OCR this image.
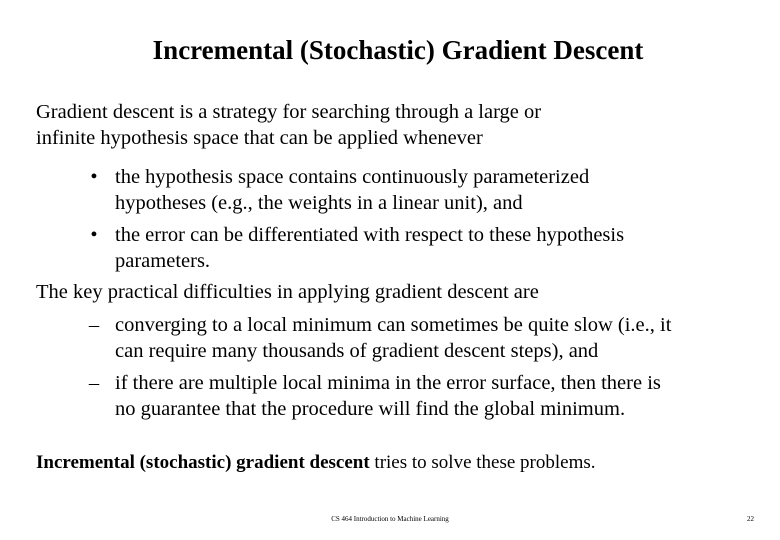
Incremental (Stochastic) Gradient Descent
Gradient descent is a strategy for searching through a large or
infinite hypothesis space that can be applied whenever
• the hypothesis space contains continuously parameterized
hypotheses (e.g., the weights in a linear unit), and
• the error can be differentiated with respect to these hypothesis
parameters.
The key practical difficulties in applying gradient descent are
– converging to a local minimum can sometimes be quite slow (i.e., it
can require many thousands of gradient descent steps), and
– if there are multiple local minima in the error surface, then there is
no guarantee that the procedure will find the global minimum.
Incremental (stochastic) gradient descent tries to solve these problems.
CS 464 Introduction to Machine Learning	22
